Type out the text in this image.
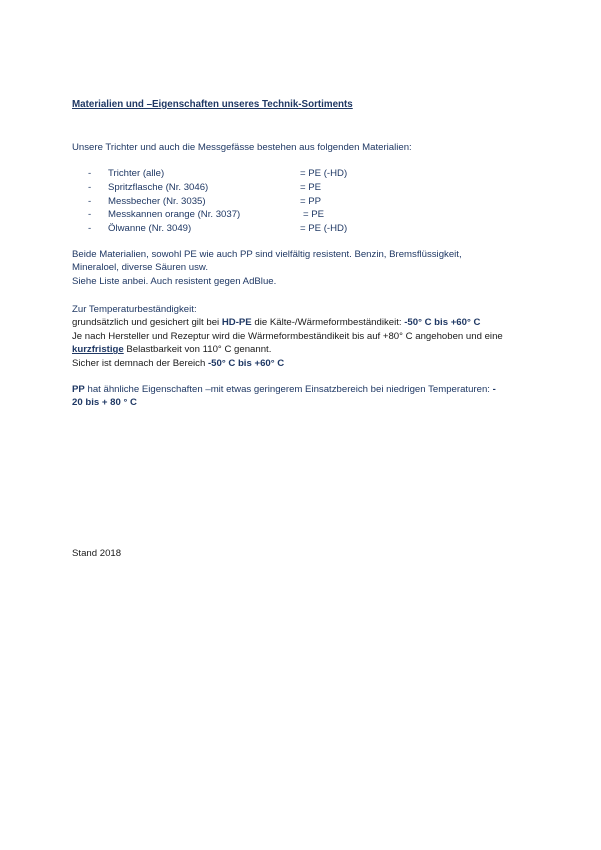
Materialien und –Eigenschaften unseres Technik-Sortiments
Unsere Trichter und auch die Messgefässe bestehen aus folgenden Materialien:
- Trichter (alle)	= PE (-HD)
- Spritzflasche (Nr. 3046)	= PE
- Messbecher (Nr. 3035)	= PP
- Messkannen orange (Nr. 3037)	= PE
- Ölwanne (Nr. 3049)	= PE (-HD)
Beide Materialien, sowohl PE wie auch PP sind vielfältig resistent. Benzin, Bremsflüssigkeit,
Mineraloel, diverse Säuren usw.
Siehe Liste anbei. Auch resistent gegen AdBlue.
Zur Temperaturbeständigkeit:
grundsätzlich und gesichert gilt bei HD-PE die Kälte-/Wärmeformbeständikeit: -50° C bis +60° C
Je nach Hersteller und Rezeptur wird die Wärmeformbeständikeit bis auf +80° C angehoben und eine
kurzfristige Belastbarkeit von 110° C genannt.
Sicher ist demnach der Bereich -50° C bis +60° C
PP hat ähnliche Eigenschaften –mit etwas geringerem Einsatzbereich bei niedrigen Temperaturen: -
20 bis + 80 ° C
Stand 2018
